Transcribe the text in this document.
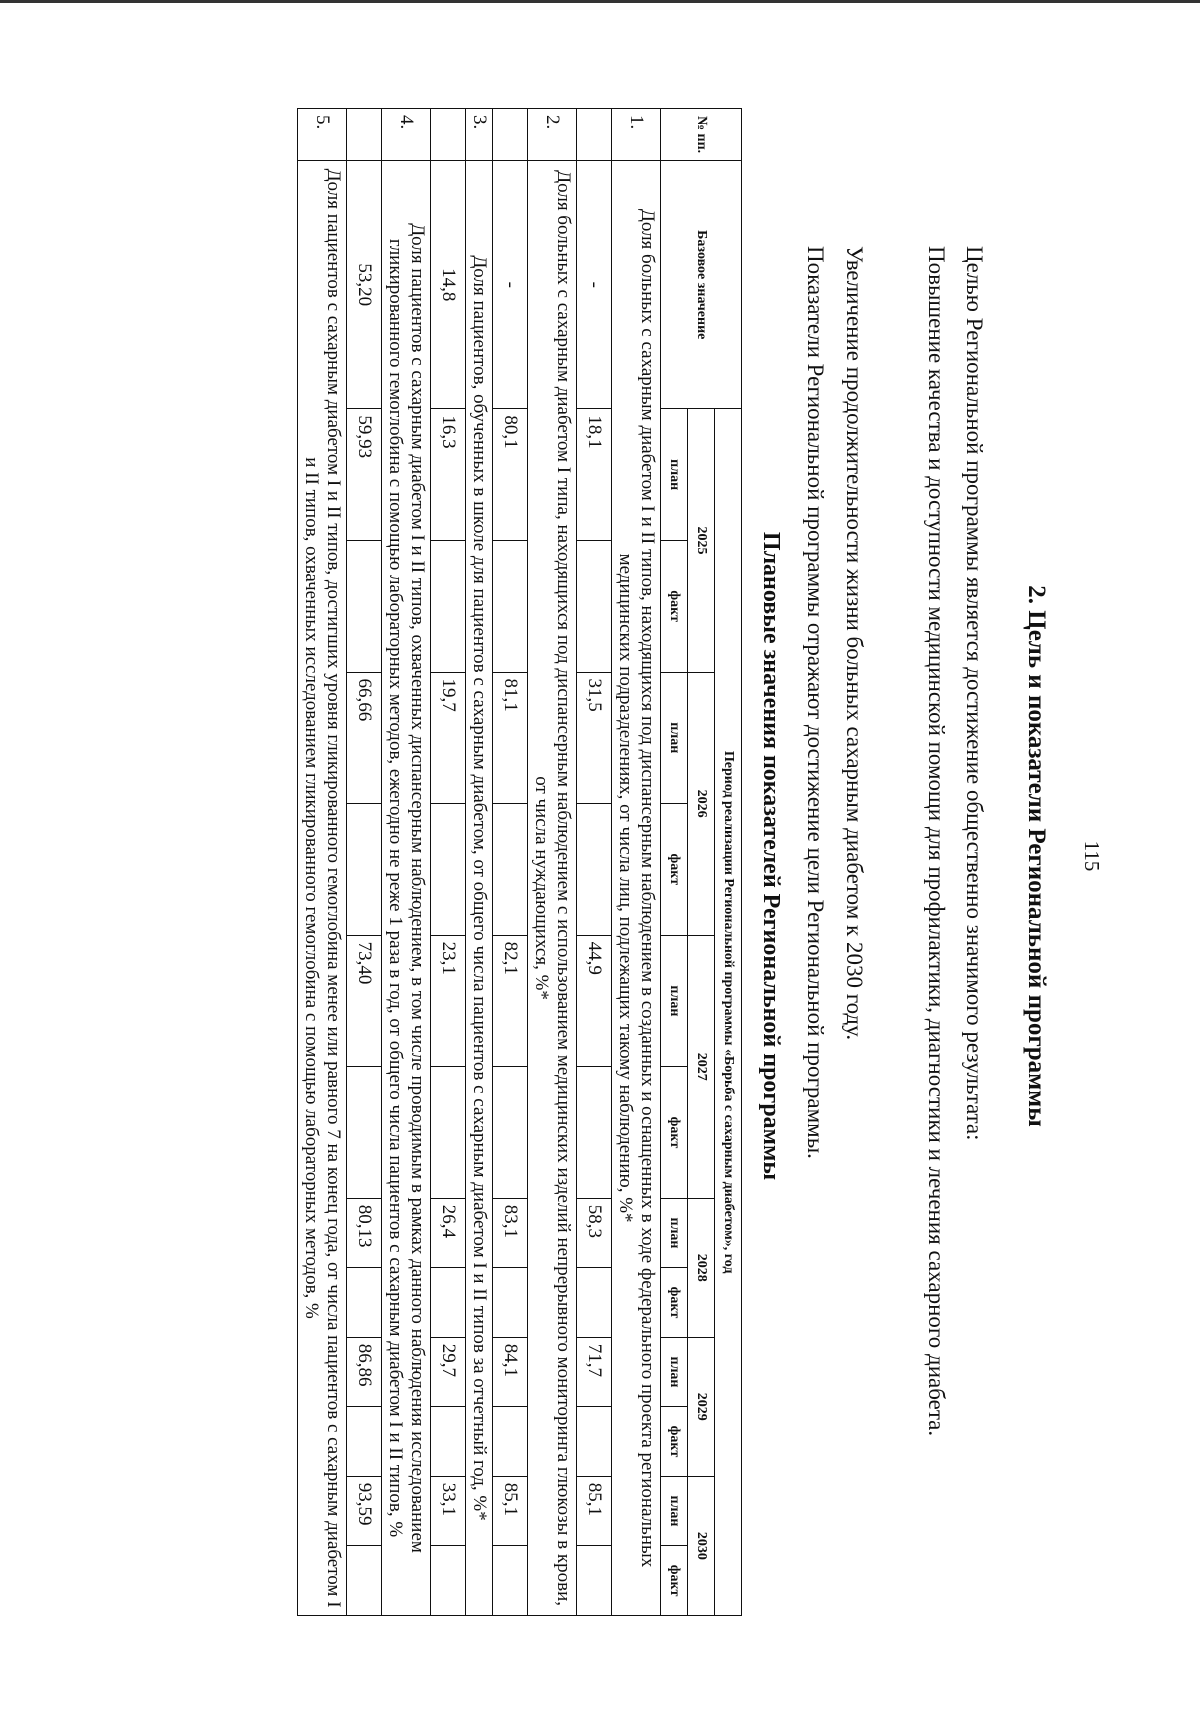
115
2. Цель и показатели Региональной программы

Целью Региональной программы является достижение общественно значимого результата:

Повышение качества и доступности медицинской помощи для профилактики, диагностики и лечения сахарного диабета.

Увеличение продолжительности жизни больных сахарным диабетом к 2030 году.

Показатели Региональной программы отражают достижение цели Региональной программы.

Плановые значения показателей Региональной программы
№ пп.	Базовое значение	Период реализации Региональной программы «Борьба с сахарным диабетом», год											
		2025		2026		2027		2028		2029		2030	
		план	факт	план	факт	план	факт	план	факт	план	факт	план	факт
1.	Доля больных с сахарным диабетом I и II типов, находящихся под диспансерным наблюдением в созданных и оснащенных в ходе федерального проекта региональных медицинских подразделениях, от числа лиц, подлежащих такому наблюдению, %*												
	-	18,1		31,5		44,9		58,3		71,7		85,1	
2.	Доля больных с сахарным диабетом I типа, находящихся под диспансерным наблюдением с использованием медицинских изделий непрерывного мониторинга глюкозы в крови, от числа нуждающихся, %*												
	-	80,1		81,1		82,1		83,1		84,1		85,1	
3.	Доля пациентов, обученных в школе для пациентов с сахарным диабетом, от общего числа пациентов с сахарным диабетом I и II типов за отчетный год, %*												
	14,8	16,3		19,7		23,1		26,4		29,7		33,1	
4.	Доля пациентов с сахарным диабетом I и II типов, охваченных диспансерным наблюдением, в том числе проводимым в рамках данного наблюдения исследованием гликированного гемоглобина с помощью лабораторных методов, ежегодно не реже 1 раза в год, от общего числа пациентов с сахарным диабетом I и II типов, %												
	53,20	59,93		66,66		73,40		80,13		86,86		93,59	
5.	Доля пациентов с сахарным диабетом I и II типов, достигших уровня гликированного гемоглобина менее или равного 7 на конец года, от числа пациентов с сахарным диабетом I и II типов, охваченных исследованием гликированного гемоглобина с помощью лабораторных методов, %												
